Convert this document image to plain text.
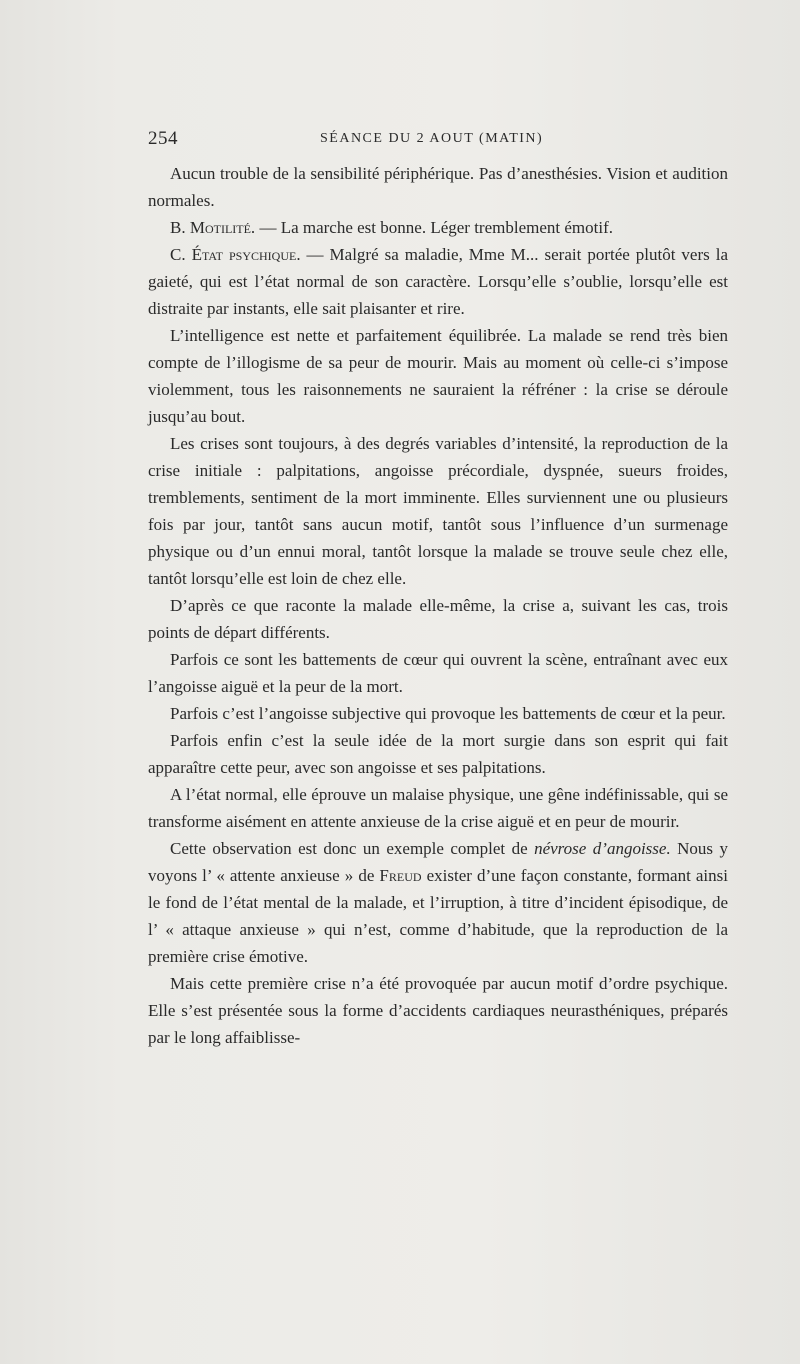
254	SÉANCE DU 2 AOUT (MATIN)

Aucun trouble de la sensibilité périphérique. Pas d’anesthésies. Vision et audition normales.

B. Motilité. — La marche est bonne. Léger tremblement émotif.

C. État psychique. — Malgré sa maladie, Mme M... serait portée plutôt vers la gaieté, qui est l’état normal de son caractère. Lorsqu’elle s’oublie, lorsqu’elle est distraite par instants, elle sait plaisanter et rire.

L’intelligence est nette et parfaitement équilibrée. La malade se rend très bien compte de l’illogisme de sa peur de mourir. Mais au moment où celle-ci s’impose violemment, tous les raisonnements ne sauraient la réfréner : la crise se déroule jusqu’au bout.

Les crises sont toujours, à des degrés variables d’intensité, la reproduction de la crise initiale : palpitations, angoisse précordiale, dyspnée, sueurs froides, tremblements, sentiment de la mort imminente. Elles surviennent une ou plusieurs fois par jour, tantôt sans aucun motif, tantôt sous l’influence d’un surmenage physique ou d’un ennui moral, tantôt lorsque la malade se trouve seule chez elle, tantôt lorsqu’elle est loin de chez elle.

D’après ce que raconte la malade elle-même, la crise a, suivant les cas, trois points de départ différents.

Parfois ce sont les battements de cœur qui ouvrent la scène, entraînant avec eux l’angoisse aiguë et la peur de la mort.

Parfois c’est l’angoisse subjective qui provoque les battements de cœur et la peur.

Parfois enfin c’est la seule idée de la mort surgie dans son esprit qui fait apparaître cette peur, avec son angoisse et ses palpitations.

A l’état normal, elle éprouve un malaise physique, une gêne indéfinissable, qui se transforme aisément en attente anxieuse de la crise aiguë et en peur de mourir.

Cette observation est donc un exemple complet de névrose d’angoisse. Nous y voyons l’ « attente anxieuse » de Freud exister d’une façon constante, formant ainsi le fond de l’état mental de la malade, et l’irruption, à titre d’incident épisodique, de l’ « attaque anxieuse » qui n’est, comme d’habitude, que la reproduction de la première crise émotive.

Mais cette première crise n’a été provoquée par aucun motif d’ordre psychique. Elle s’est présentée sous la forme d’accidents cardiaques neurasthéniques, préparés par le long affaiblisse-
